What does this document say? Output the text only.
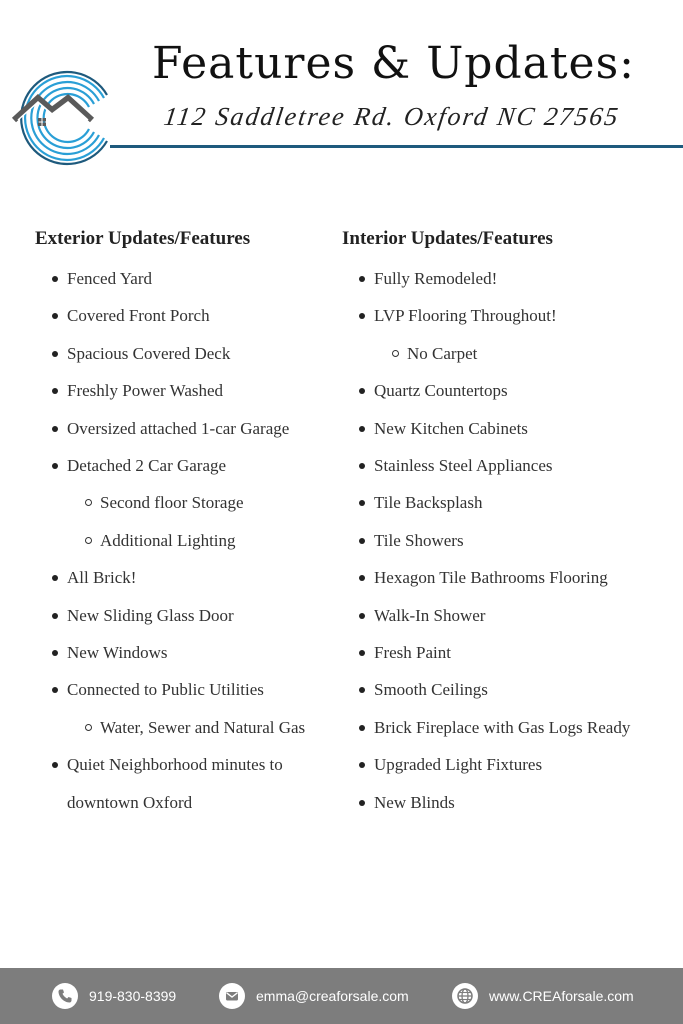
Features & Updates:
112 Saddletree Rd. Oxford NC 27565
Exterior Updates/Features
Fenced Yard
Covered Front Porch
Spacious Covered Deck
Freshly Power Washed
Oversized attached 1-car Garage
Detached 2 Car Garage
Second floor Storage
Additional Lighting
All Brick!
New Sliding Glass Door
New Windows
Connected to Public Utilities
Water, Sewer and Natural Gas
Quiet Neighborhood minutes to
downtown Oxford
Interior Updates/Features
Fully Remodeled!
LVP Flooring Throughout!
No Carpet
Quartz Countertops
New Kitchen Cabinets
Stainless Steel Appliances
Tile Backsplash
Tile Showers
Hexagon Tile Bathrooms Flooring
Walk-In Shower
Fresh Paint
Smooth Ceilings
Brick Fireplace with Gas Logs Ready
Upgraded Light Fixtures
New Blinds
919-830-8399	emma@creaforsale.com	www.CREAforsale.com
